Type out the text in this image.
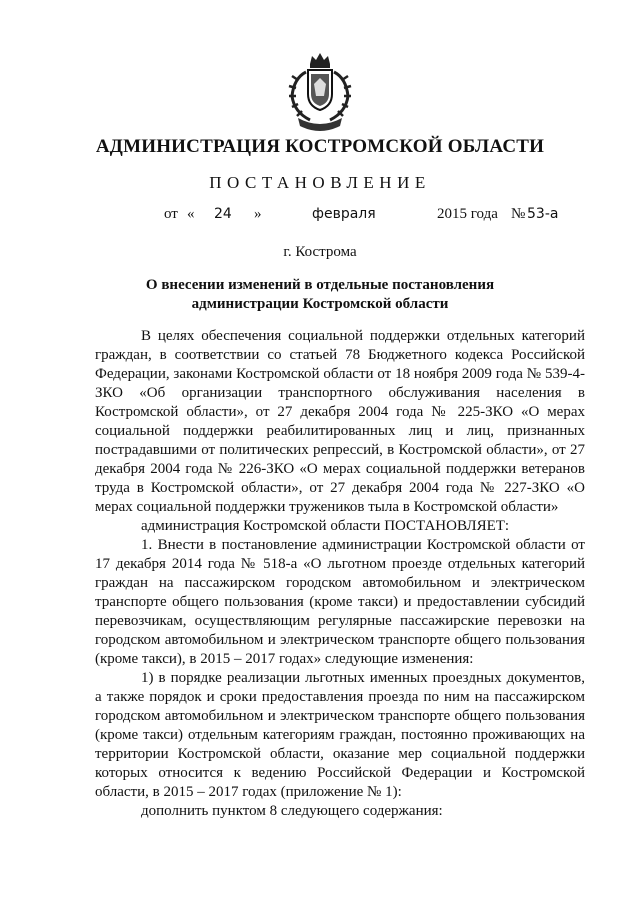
АДМИНИСТРАЦИЯ КОСТРОМСКОЙ ОБЛАСТИ
ПОСТАНОВЛЕНИЕ
от « 24 »	февраля	2015 года № 53-а
г. Кострома
О внесении изменений в отдельные постановления
администрации Костромской области

В целях обеспечения социальной поддержки отдельных категорий граждан, в соответствии со статьей 78 Бюджетного кодекса Российской Федерации, законами Костромской области от 18 ноября 2009 года № 539-4-ЗКО «Об организации транспортного обслуживания населения в Костромской области», от 27 декабря 2004 года № 225-ЗКО «О мерах социальной поддержки реабилитированных лиц и лиц, признанных пострадавшими от политических репрессий, в Костромской области», от 27 декабря 2004 года № 226-ЗКО «О мерах социальной поддержки ветеранов труда в Костромской области», от 27 декабря 2004 года № 227-ЗКО «О мерах социальной поддержки тружеников тыла в Костромской области»

администрация Костромской области ПОСТАНОВЛЯЕТ:

1. Внести в постановление администрации Костромской области от 17 декабря 2014 года № 518-а «О льготном проезде отдельных категорий граждан на пассажирском городском автомобильном и электрическом транспорте общего пользования (кроме такси) и предоставлении субсидий перевозчикам, осуществляющим регулярные пассажирские перевозки на городском автомобильном и электрическом транспорте общего пользования (кроме такси), в 2015 – 2017 годах» следующие изменения:

1) в порядке реализации льготных именных проездных документов, а также порядок и сроки предоставления проезда по ним на пассажирском городском автомобильном и электрическом транспорте общего пользования (кроме такси) отдельным категориям граждан, постоянно проживающих на территории Костромской области, оказание мер социальной поддержки которых относится к ведению Российской Федерации и Костромской области, в 2015 – 2017 годах (приложение № 1):

дополнить пунктом 8 следующего содержания:
